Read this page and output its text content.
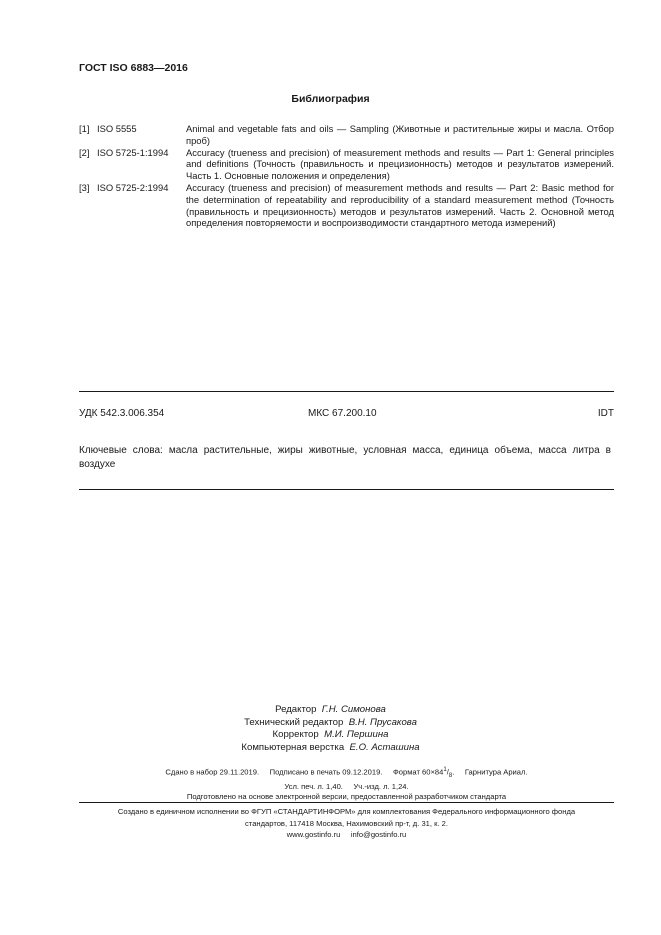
ГОСТ ISO 6883—2016
Библиография
[1] ISO 5555	Animal and vegetable fats and oils — Sampling (Животные и растительные жиры и масла. Отбор проб)
[2] ISO 5725-1:1994	Accuracy (trueness and precision) of measurement methods and results — Part 1: General principles and definitions (Точность (правильность и прецизионность) методов и результатов измерений. Часть 1. Основные положения и определения)
[3] ISO 5725-2:1994	Accuracy (trueness and precision) of measurement methods and results — Part 2: Basic method for the determination of repeatability and reproducibility of a standard measurement method (Точность (правильность и прецизионность) методов и результатов измерений. Часть 2. Основной метод определения повторяемости и воспроизводимости стандартного метода измерений)
УДК 542.3.006.354	МКС 67.200.10	IDT
Ключевые слова: масла растительные, жиры животные, условная масса, единица объема, масса литра в воздухе
Редактор Г.Н. Симонова
Технический редактор В.Н. Прусакова
Корректор М.И. Першина
Компьютерная верстка Е.О. Асташина
Сдано в набор 29.11.2019. Подписано в печать 09.12.2019. Формат $60\times 84^1/_8$.     Гарнитура Ариал.
Усл. печ. л. 1,40. Уч.-изд. л. 1,24.
Подготовлено на основе электронной версии, предоставленной разработчиком стандарта
Создано в единичном исполнении во ФГУП «СТАНДАРТИНФОРМ» для комплектования Федерального информационного фонда
стандартов, 117418 Москва, Нахимовский пр-т, д. 31, к. 2.
www.gostinfo.ru info@gostinfo.ru
